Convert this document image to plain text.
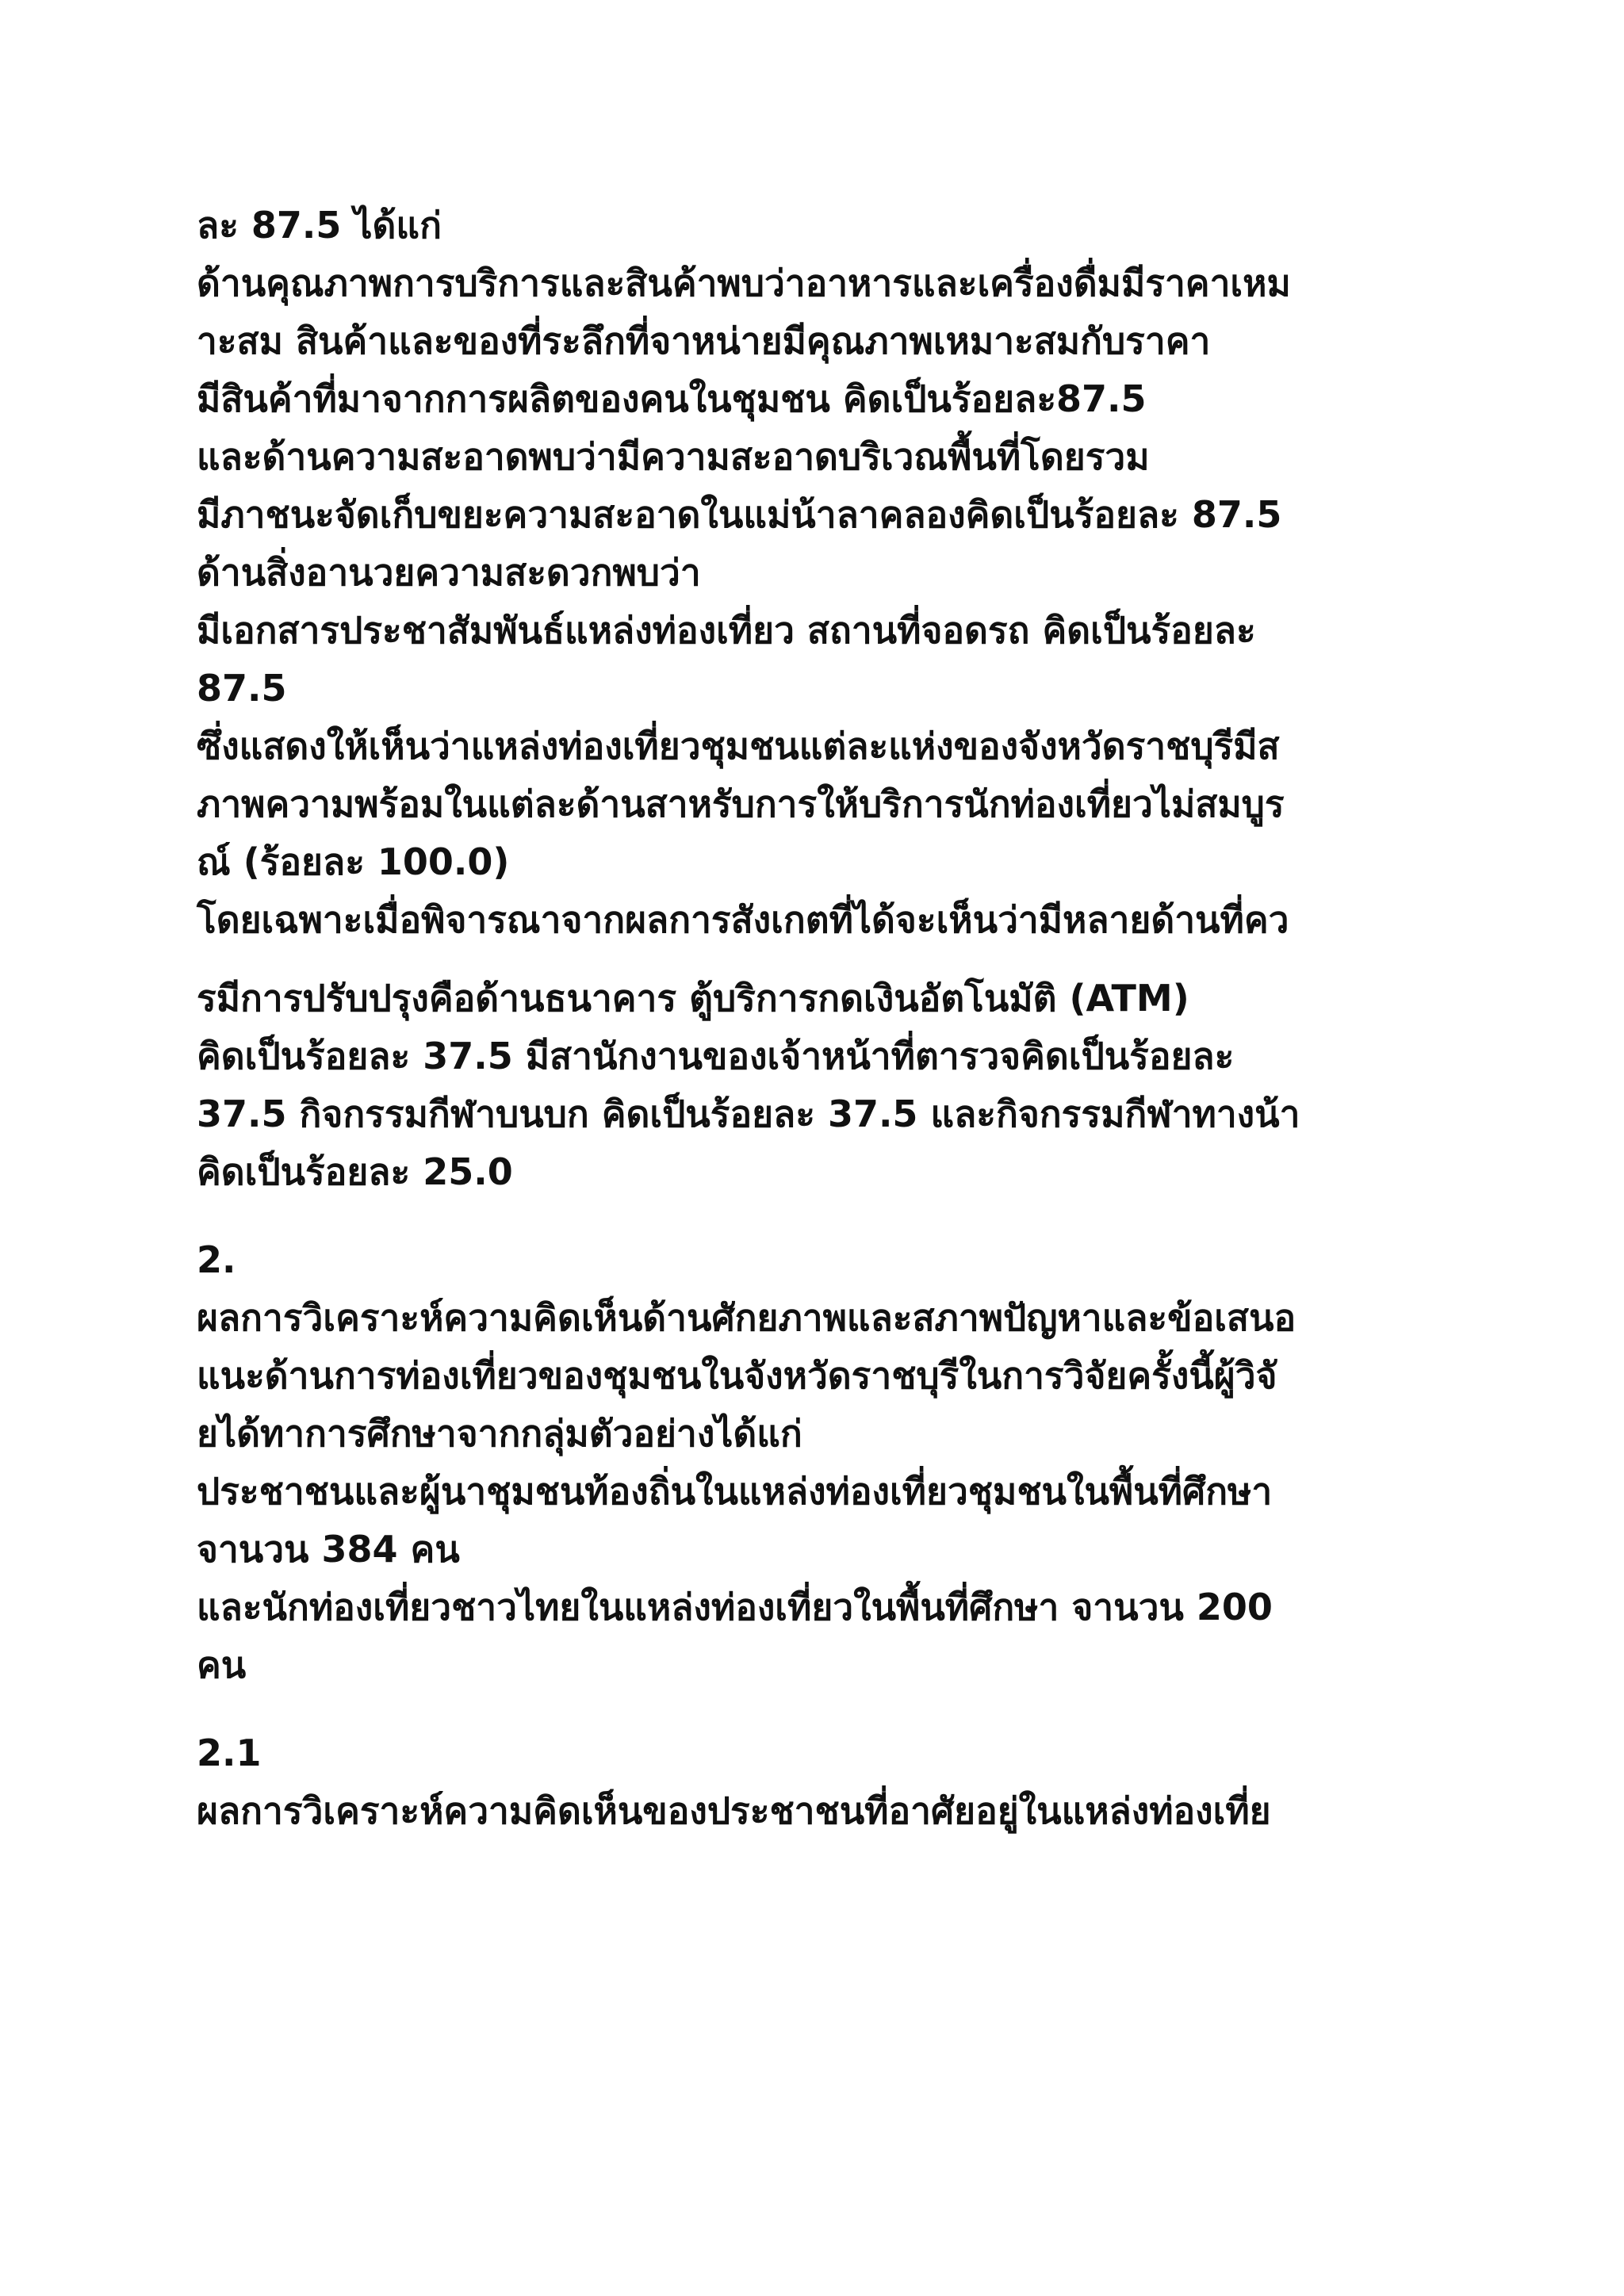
ละ 87.5 ได้แก่
ด้านคุณภาพการบริการและสินค้าพบว่าอาหารและเครื่องดื่มมีราคาเหม
าะสม สินค้าและของที่ระลึกที่จาหน่ายมีคุณภาพเหมาะสมกับราคา
มีสินค้าที่มาจากการผลิตของคนในชุมชน คิดเป็นร้อยละ87.5
และด้านความสะอาดพบว่ามีความสะอาดบริเวณพื้นที่โดยรวม
มีภาชนะจัดเก็บขยะความสะอาดในแม่น้าลาคลองคิดเป็นร้อยละ 87.5
ด้านสิ่งอานวยความสะดวกพบว่า
มีเอกสารประชาสัมพันธ์แหล่งท่องเที่ยว สถานที่จอดรถ คิดเป็นร้อยละ
87.5
ซึ่งแสดงให้เห็นว่าแหล่งท่องเที่ยวชุมชนแต่ละแห่งของจังหวัดราชบุรีมีส
ภาพความพร้อมในแต่ละด้านสาหรับการให้บริการนักท่องเที่ยวไม่สมบูร
ณ์ (ร้อยละ 100.0)
โดยเฉพาะเมื่อพิจารณาจากผลการสังเกตที่ได้จะเห็นว่ามีหลายด้านที่คว
รมีการปรับปรุงคือด้านธนาคาร ตู้บริการกดเงินอัตโนมัติ (ATM)
คิดเป็นร้อยละ 37.5 มีสานักงานของเจ้าหน้าที่ตารวจคิดเป็นร้อยละ
37.5 กิจกรรมกีฬาบนบก คิดเป็นร้อยละ 37.5 และกิจกรรมกีฬาทางน้า
คิดเป็นร้อยละ 25.0
2.
ผลการวิเคราะห์ความคิดเห็นด้านศักยภาพและสภาพปัญหาและข้อเสนอ
แนะด้านการท่องเที่ยวของชุมชนในจังหวัดราชบุรีในการวิจัยครั้งนี้ผู้วิจั
ยได้ทาการศึกษาจากกลุ่มตัวอย่างได้แก่
ประชาชนและผู้นาชุมชนท้องถิ่นในแหล่งท่องเที่ยวชุมชนในพื้นที่ศึกษา
จานวน 384 คน
และนักท่องเที่ยวชาวไทยในแหล่งท่องเที่ยวในพื้นที่ศึกษา จานวน 200
คน
2.1
ผลการวิเคราะห์ความคิดเห็นของประชาชนที่อาศัยอยู่ในแหล่งท่องเที่ย
